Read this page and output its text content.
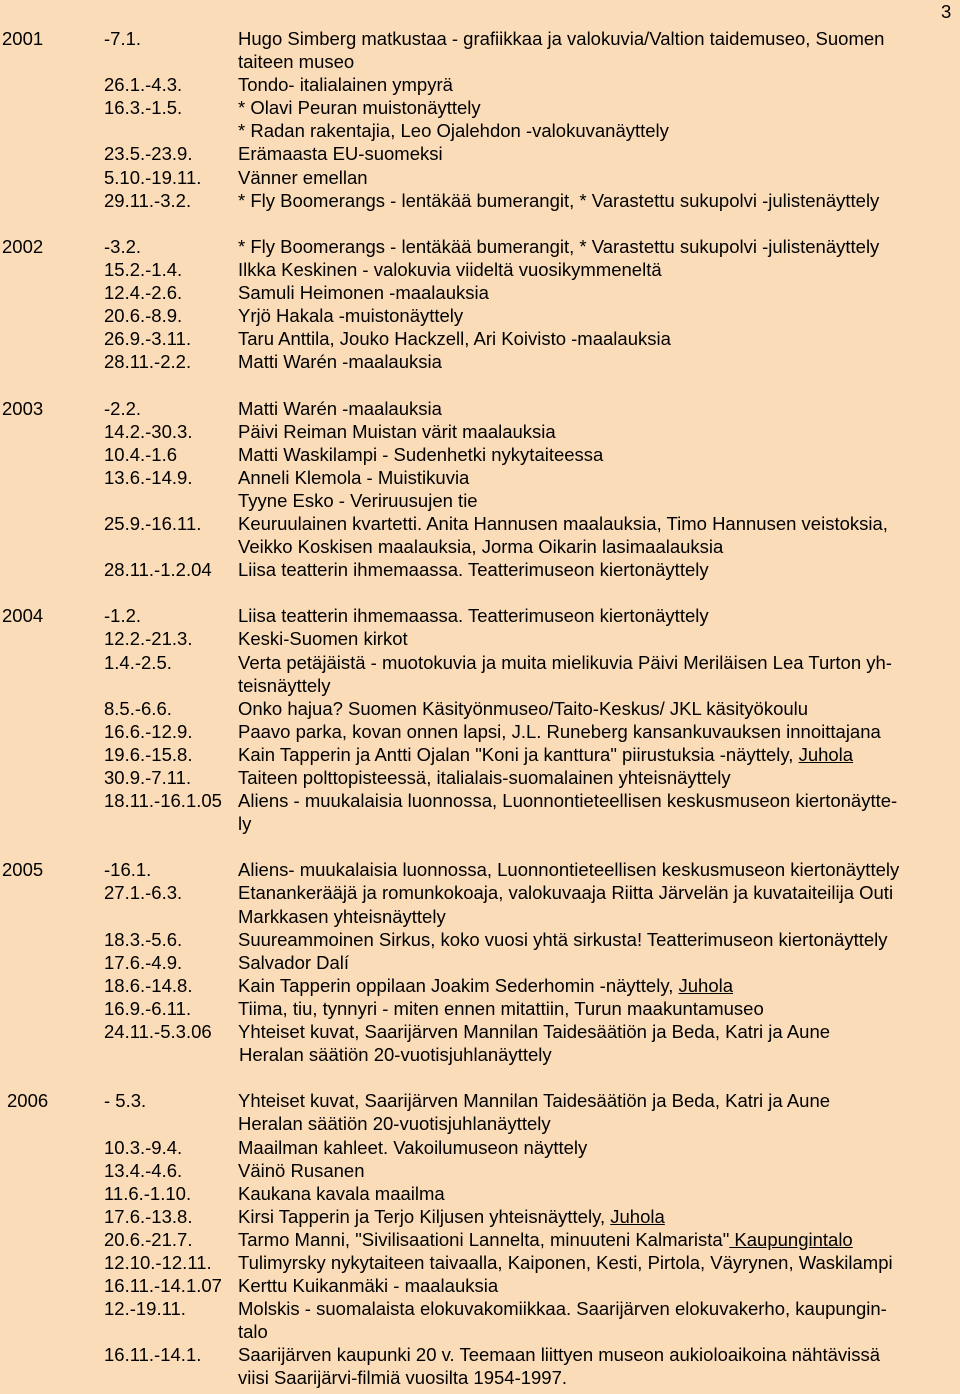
3
2001	-7.1.	Hugo Simberg matkustaa - grafiikkaa ja valokuvia/Valtion taidemuseo, Suomen
taiteen museo
26.1.-4.3.	Tondo- italialainen ympyrä
16.3.-1.5.	* Olavi Peuran muistonäyttely
* Radan rakentajia, Leo Ojalehdon -valokuvanäyttely
23.5.-23.9. Erämaasta EU-suomeksi
5.10.-19.11. Vänner emellan
29.11.-3.2.	* Fly Boomerangs - lentäkää bumerangit, * Varastettu sukupolvi -julistenäyttely
2002	-3.2.	* Fly Boomerangs - lentäkää bumerangit, * Varastettu sukupolvi -julistenäyttely
15.2.-1.4.	Ilkka Keskinen - valokuvia viideltä vuosikymmeneltä
12.4.-2.6.	Samuli Heimonen -maalauksia
20.6.-8.9.	Yrjö Hakala -muistonäyttely
26.9.-3.11.	Taru Anttila, Jouko Hackzell, Ari Koivisto -maalauksia
28.11.-2.2.	Matti Warén -maalauksia
2003	-2.2.	Matti Warén -maalauksia
14.2.-30.3. Päivi Reiman Muistan värit maalauksia
10.4.-1.6	Matti Waskilampi - Sudenhetki nykytaiteessa
13.6.-14.9. Anneli Klemola - Muistikuvia
Tyyne Esko - Veriruusujen tie
25.9.-16.11. Keuruulainen kvartetti. Anita Hannusen maalauksia, Timo Hannusen veistoksia,
Veikko Koskisen maalauksia, Jorma Oikarin lasimaalauksia
28.11.-1.2.04 Liisa teatterin ihmemaassa. Teatterimuseon kiertonäyttely
2004	-1.2.	Liisa teatterin ihmemaassa. Teatterimuseon kiertonäyttely
12.2.-21.3. Keski-Suomen kirkot
1.4.-2.5.	Verta petäjäistä - muotokuvia ja muita mielikuvia Päivi Meriläisen Lea Turton yh-
teisnäyttely
8.5.-6.6.	Onko hajua? Suomen Käsityönmuseo/Taito-Keskus/ JKL käsityökoulu
16.6.-12.9. Paavo parka, kovan onnen lapsi, J.L. Runeberg kansankuvauksen innoittajana
19.6.-15.8. Kain Tapperin ja Antti Ojalan "Koni ja kanttura" piirustuksia -näyttely, Juhola
30.9.-7.11.	Taiteen polttopisteessä, italialais-suomalainen yhteisnäyttely
18.11.-16.1.05 Aliens - muukalaisia luonnossa, Luonnontieteellisen keskusmuseon kiertonäytte-
ly
2005	-16.1.	Aliens- muukalaisia luonnossa, Luonnontieteellisen keskusmuseon kiertonäyttely
27.1.-6.3.	Etanankerääjä ja romunkokoaja, valokuvaaja Riitta Järvelän ja kuvataiteilija Outi
Markkasen yhteisnäyttely
18.3.-5.6.	Suureammoinen Sirkus, koko vuosi yhtä sirkusta! Teatterimuseon kiertonäyttely
17.6.-4.9.	Salvador Dalí
18.6.-14.8. Kain Tapperin oppilaan Joakim Sederhomin -näyttely, Juhola
16.9.-6.11.	Tiima, tiu, tynnyri - miten ennen mitattiin, Turun maakuntamuseo
24.11.-5.3.06 Yhteiset kuvat, Saarijärven Mannilan Taidesäätiön ja Beda, Katri ja Aune
Heralan säätiön 20-vuotisjuhlanäyttely
2006	- 5.3.	Yhteiset kuvat, Saarijärven Mannilan Taidesäätiön ja Beda, Katri ja Aune
Heralan säätiön 20-vuotisjuhlanäyttely
10.3.-9.4.	Maailman kahleet. Vakoilumuseon näyttely
13.4.-4.6.	Väinö Rusanen
11.6.-1.10.	Kaukana kavala maailma
17.6.-13.8. Kirsi Tapperin ja Terjo Kiljusen yhteisnäyttely, Juhola
20.6.-21.7. Tarmo Manni, "Sivilisaationi Lannelta, minuuteni Kalmarista" Kaupungintalo
12.10.-12.11. Tulimyrsky nykytaiteen taivaalla, Kaiponen, Kesti, Pirtola, Väyrynen, Waskilampi
16.11.-14.1.07 Kerttu Kuikanmäki - maalauksia
12.-19.11.	Molskis - suomalaista elokuvakomiikkaa. Saarijärven elokuvakerho, kaupungin-
talo
16.11.-14.1. Saarijärven kaupunki 20 v. Teemaan liittyen museon aukioloaikoina nähtävissä
viisi Saarijärvi-filmiä vuosilta 1954-1997.
